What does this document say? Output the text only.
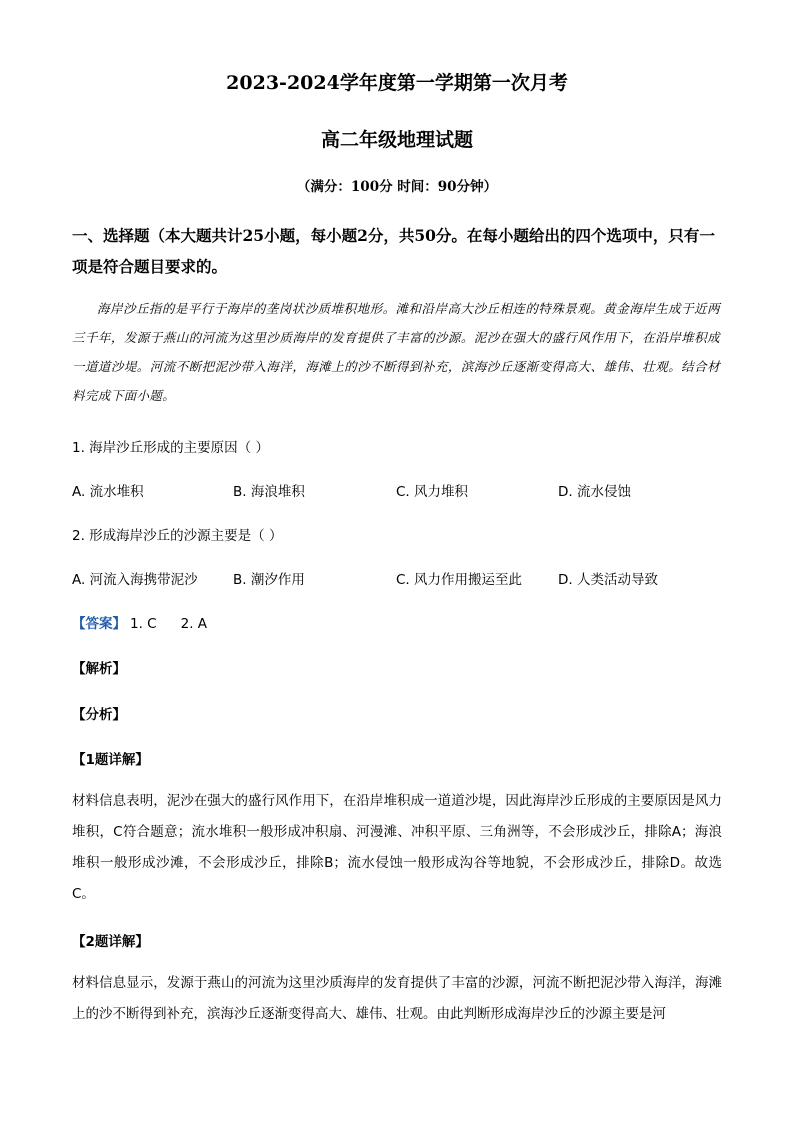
2023-2024学年度第一学期第一次月考
高二年级地理试题
（满分：100分 时间：90分钟）
一、选择题（本大题共计25小题，每小题2分，共50分。在每小题给出的四个选项中，只有一项是符合题目要求的。
海岸沙丘指的是平行于海岸的垄岗状沙质堆积地形。滩和沿岸高大沙丘相连的特殊景观。黄金海岸生成于近两三千年，发源于燕山的河流为这里沙质海岸的发育提供了丰富的沙源。泥沙在强大的盛行风作用下，在沿岸堆积成一道道沙堤。河流不断把泥沙带入海洋，海滩上的沙不断得到补充，滨海沙丘逐渐变得高大、雄伟、壮观。结合材料完成下面小题。
1. 海岸沙丘形成的主要原因（ ）
A. 流水堆积	B. 海浪堆积	C. 风力堆积	D. 流水侵蚀
2. 形成海岸沙丘的沙源主要是（ ）
A. 河流入海携带泥沙	B. 潮汐作用	C. 风力作用搬运至此	D. 人类活动导致
【答案】 1. C 2. A
【解析】
【分析】
【1题详解】
材料信息表明，泥沙在强大的盛行风作用下，在沿岸堆积成一道道沙堤，因此海岸沙丘形成的主要原因是风力堆积，C符合题意；流水堆积一般形成冲积扇、河漫滩、冲积平原、三角洲等，不会形成沙丘，排除A；海浪堆积一般形成沙滩，不会形成沙丘，排除B；流水侵蚀一般形成沟谷等地貌，不会形成沙丘，排除D。故选C。
【2题详解】
材料信息显示，发源于燕山的河流为这里沙质海岸的发育提供了丰富的沙源，河流不断把泥沙带入海洋，海滩上的沙不断得到补充，滨海沙丘逐渐变得高大、雄伟、壮观。由此判断形成海岸沙丘的沙源主要是河
